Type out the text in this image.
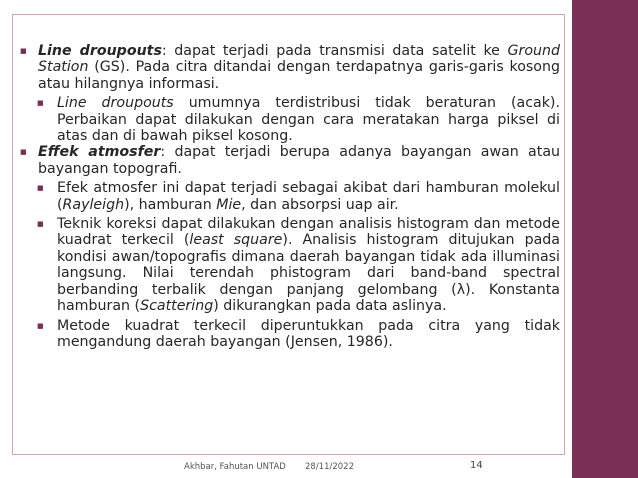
■ Line droupouts: dapat terjadi pada transmisi data satelit ke Ground Station (GS). Pada citra ditandai dengan terdapatnya garis-garis kosong atau hilangnya informasi.
■ Line droupouts umumnya terdistribusi tidak beraturan (acak). Perbaikan dapat dilakukan dengan cara meratakan harga piksel di atas dan di bawah piksel kosong.
■ Effek atmosfer: dapat terjadi berupa adanya bayangan awan atau bayangan topografi.
■ Efek atmosfer ini dapat terjadi sebagai akibat dari hamburan molekul (Rayleigh), hamburan Mie, dan absorpsi uap air.
■ Teknik koreksi dapat dilakukan dengan analisis histogram dan metode kuadrat terkecil (least square). Analisis histogram ditujukan pada kondisi awan/topografis dimana daerah bayangan tidak ada illuminasi langsung. Nilai terendah phistogram dari band-band spectral berbanding terbalik dengan panjang gelombang (λ). Konstanta hamburan (Scattering) dikurangkan pada data aslinya.
■ Metode kuadrat terkecil diperuntukkan pada citra yang tidak mengandung daerah bayangan (Jensen, 1986).
Akhbar, Fahutan UNTAD 28/11/2022	14
